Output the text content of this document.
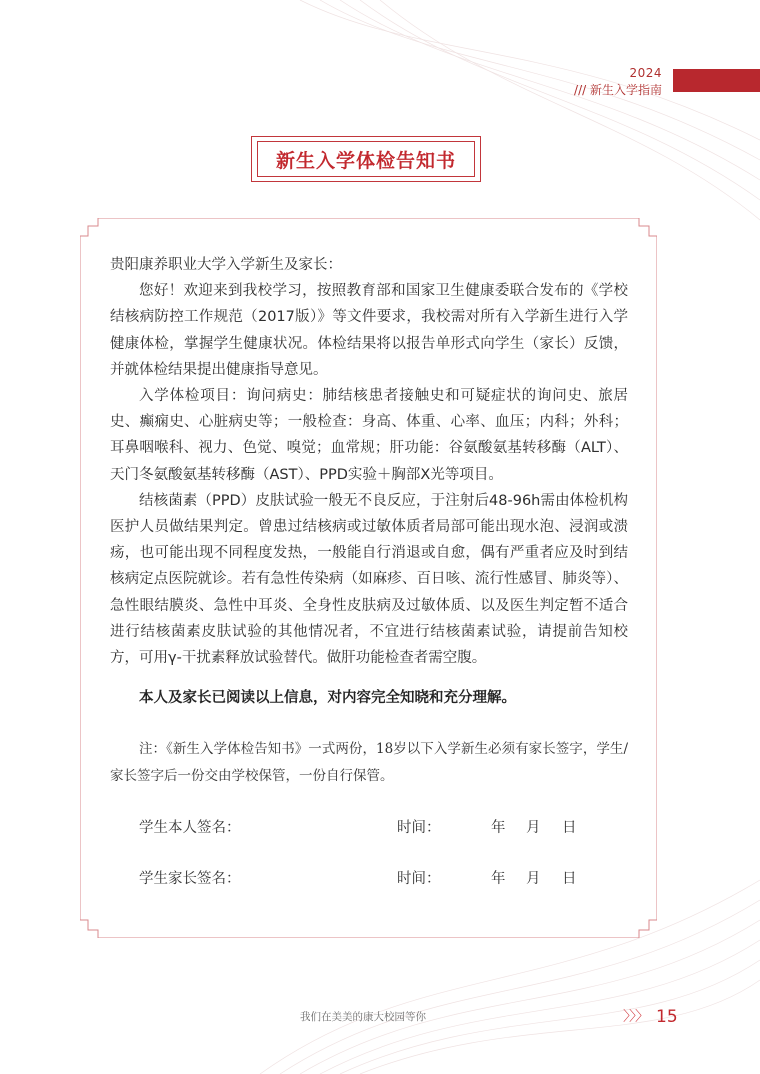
2024
/// 新生入学指南
新生入学体检告知书

贵阳康养职业大学入学新生及家长：

您好！欢迎来到我校学习，按照教育部和国家卫生健康委联合发布的《学校结核病防控工作规范（2017版）》等文件要求，我校需对所有入学新生进行入学健康体检，掌握学生健康状况。体检结果将以报告单形式向学生（家长）反馈，并就体检结果提出健康指导意见。

入学体检项目：询问病史：肺结核患者接触史和可疑症状的询问史、旅居史、癫痫史、心脏病史等；一般检查：身高、体重、心率、血压；内科；外科；耳鼻咽喉科、视力、色觉、嗅觉；血常规；肝功能：谷氨酸氨基转移酶（ALT）、天门冬氨酸氨基转移酶（AST）、PPD实验＋胸部X光等项目。

结核菌素（PPD）皮肤试验一般无不良反应，于注射后48-96h需由体检机构医护人员做结果判定。曾患过结核病或过敏体质者局部可能出现水泡、浸润或溃疡，也可能出现不同程度发热，一般能自行消退或自愈，偶有严重者应及时到结核病定点医院就诊。若有急性传染病（如麻疹、百日咳、流行性感冒、肺炎等）、急性眼结膜炎、急性中耳炎、全身性皮肤病及过敏体质、以及医生判定暂不适合进行结核菌素皮肤试验的其他情况者，不宜进行结核菌素试验，请提前告知校方，可用γ-干扰素释放试验替代。做肝功能检查者需空腹。

本人及家长已阅读以上信息，对内容完全知晓和充分理解。
注：《新生入学体检告知书》一式两份，18岁以下入学新生必须有家长签字，学生/家长签字后一份交由学校保管，一份自行保管。
学生本人签名：	时间：	年 月 日
学生家长签名：	时间：	年 月 日
我们在美美的康大校园等你	〉〉〉 15
